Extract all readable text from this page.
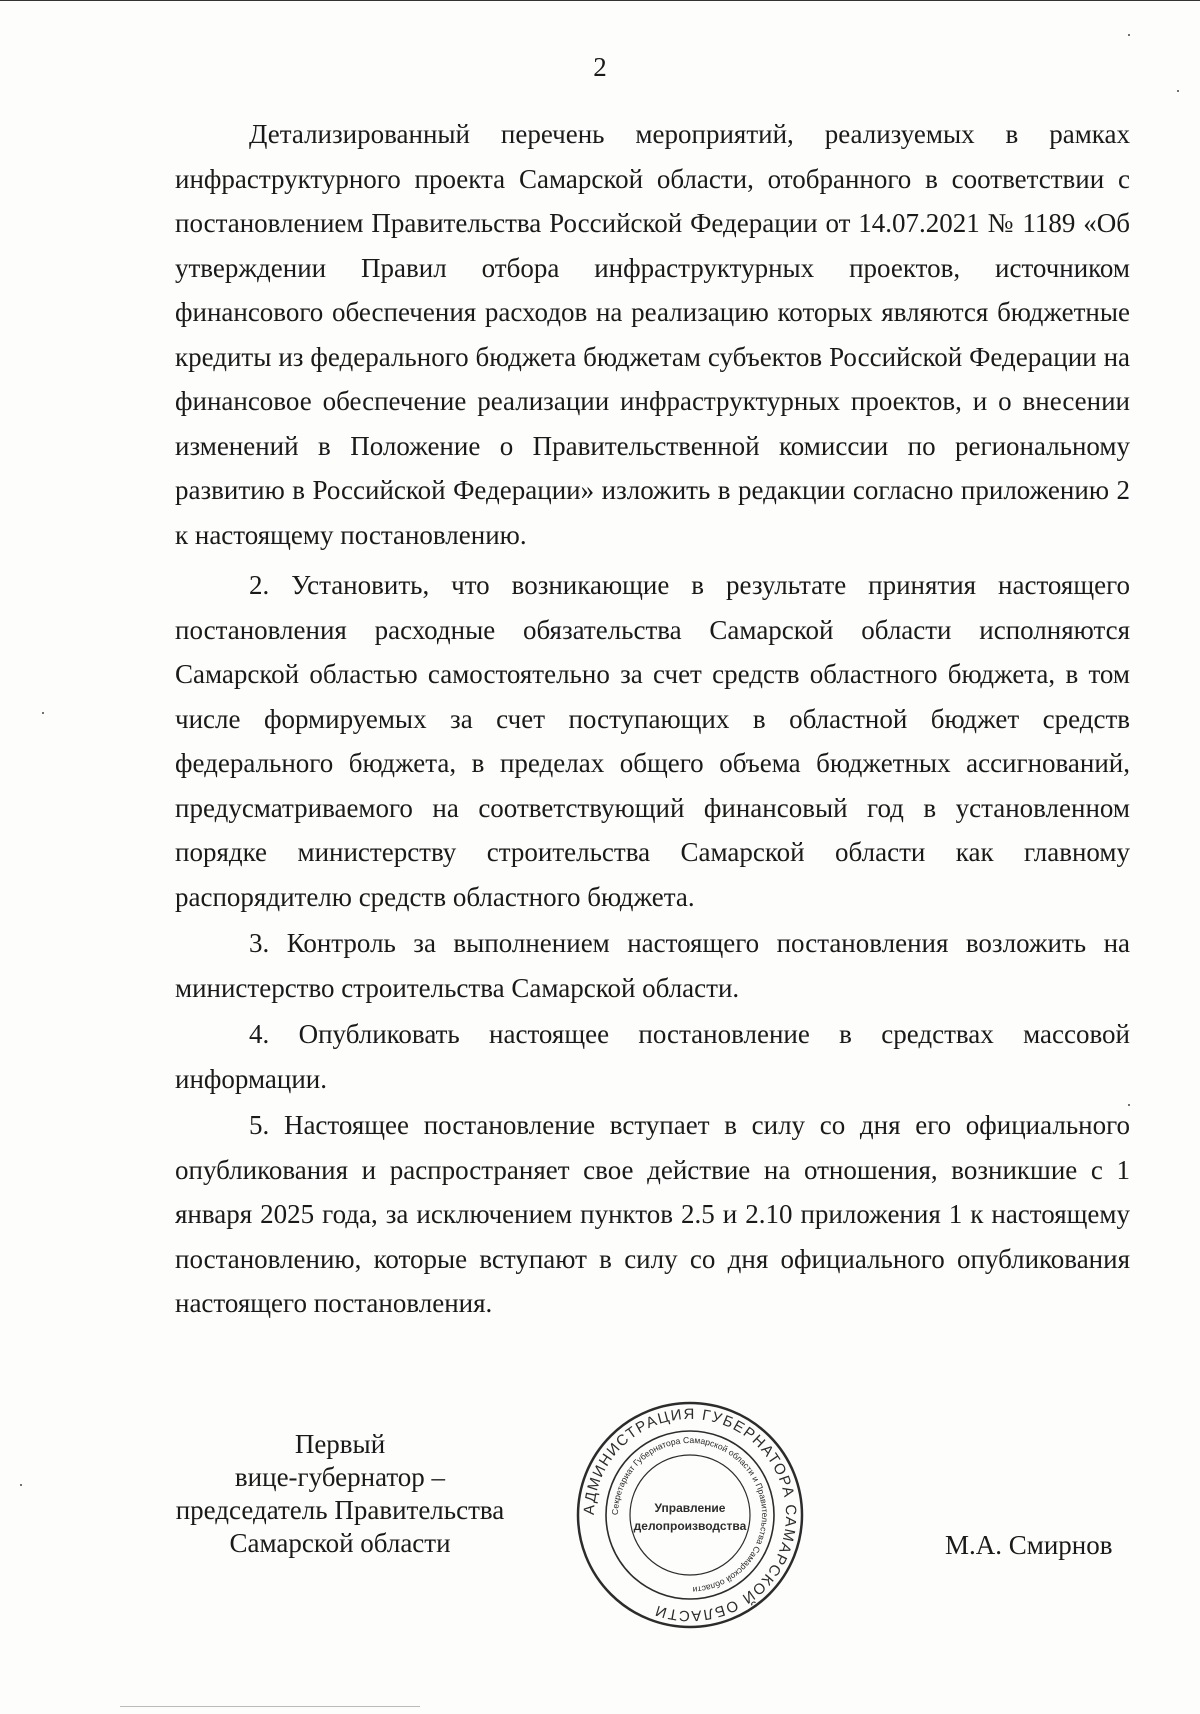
2

Детализированный перечень мероприятий, реализуемых в рамках инфраструктурного проекта Самарской области, отобранного в соответствии с постановлением Правительства Российской Федерации от 14.07.2021 № 1189 «Об утверждении Правил отбора инфраструктурных проектов, источником финансового обеспечения расходов на реализацию которых являются бюджетные кредиты из федерального бюджета бюджетам субъектов Российской Федерации на финансовое обеспечение реализации инфраструктурных проектов, и о внесении изменений в Положение о Правительственной комиссии по региональному развитию в Российской Федерации» изложить в редакции согласно приложению 2 к настоящему постановлению.

2. Установить, что возникающие в результате принятия настоящего постановления расходные обязательства Самарской области исполняются Самарской областью самостоятельно за счет средств областного бюджета, в том числе формируемых за счет поступающих в областной бюджет средств федерального бюджета, в пределах общего объема бюджетных ассигнований, предусматриваемого на соответствующий финансовый год в установленном порядке министерству строительства Самарской области как главному распорядителю средств областного бюджета.

3. Контроль за выполнением настоящего постановления возложить на министерство строительства Самарской области.

4. Опубликовать настоящее постановление в средствах массовой информации.

5. Настоящее постановление вступает в силу со дня его официального опубликования и распространяет свое действие на отношения, возникшие с 1 января 2025 года, за исключением пунктов 2.5 и 2.10 приложения 1 к настоящему постановлению, которые вступают в силу со дня официального опубликования настоящего постановления.

Первый
вице-губернатор –
председатель Правительства
Самарской области
АДМИНИСТРАЦИЯ ГУБЕРНАТОРА САМАРСКОЙ ОБЛАСТИ
Секретариат Губернатора Самарской области и Правительства Самарской области
Управление
делопроизводства
М.А. Смирнов
